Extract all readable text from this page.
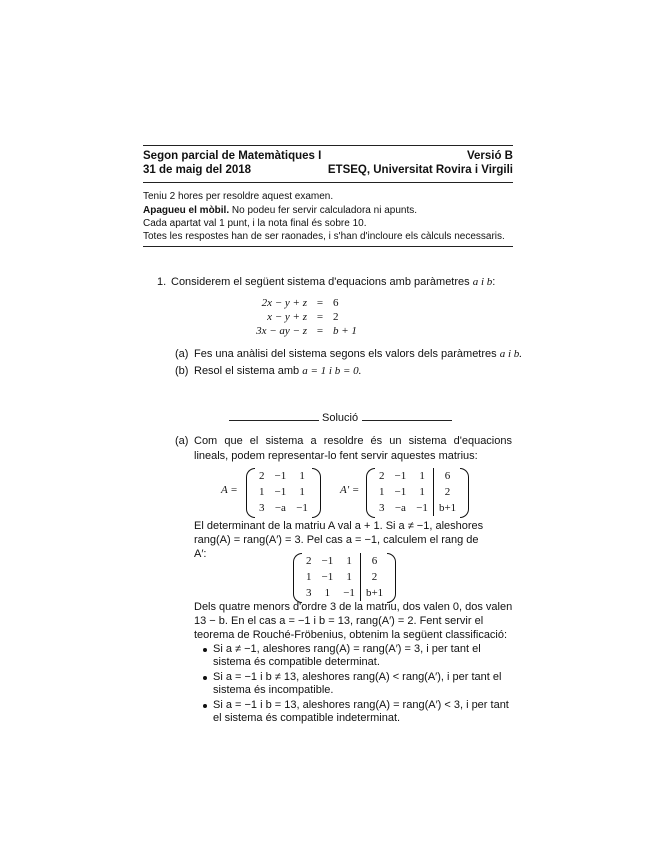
Segon parcial de Matemàtiques I	Versió B
31 de maig del 2018	ETSEQ, Universitat Rovira i Virgili
Teniu 2 hores per resoldre aquest examen.
Apagueu el mòbil. No podeu fer servir calculadora ni apunts.
Cada apartat val 1 punt, i la nota final és sobre 10.
Totes les respostes han de ser raonades, i s'han d'incloure els càlculs necessaris.
1. Considerem el següent sistema d'equacions amb paràmetres a i b:
2x − y + z = 6
x − y + z = 2
3x − ay − z = b + 1
(a) Fes una anàlisi del sistema segons els valors dels paràmetres a i b.
(b) Resol el sistema amb a = 1 i b = 0.
Solució
(a) Com que el sistema a resoldre és un sistema d'equacions lineals, podem representar-lo fent servir aquestes matrius:
A =
2	−1	1
1	−1	1
3	−a	−1
A′ =
2	−1	1	6
1	−1	1	2
3	−a	−1	b+1
El determinant de la matriu A val a + 1. Si a ≠ −1, aleshores
rang(A) = rang(A′) = 3. Pel cas a = −1, calculem el rang de
A′:
2	−1	1	6
1	−1	1	2
3	1	−1	b+1
Dels quatre menors d'ordre 3 de la matriu, dos valen 0, dos valen
13 − b. En el cas a = −1 i b = 13, rang(A′) = 2. Fent servir el
teorema de Rouché-Fröbenius, obtenim la següent classificació:
Si a ≠ −1, aleshores rang(A) = rang(A′) = 3, i per tant el
sistema és compatible determinat.
Si a = −1 i b ≠ 13, aleshores rang(A) < rang(A′), i per tant el
sistema és incompatible.
Si a = −1 i b = 13, aleshores rang(A) = rang(A′) < 3, i per tant
el sistema és compatible indeterminat.
